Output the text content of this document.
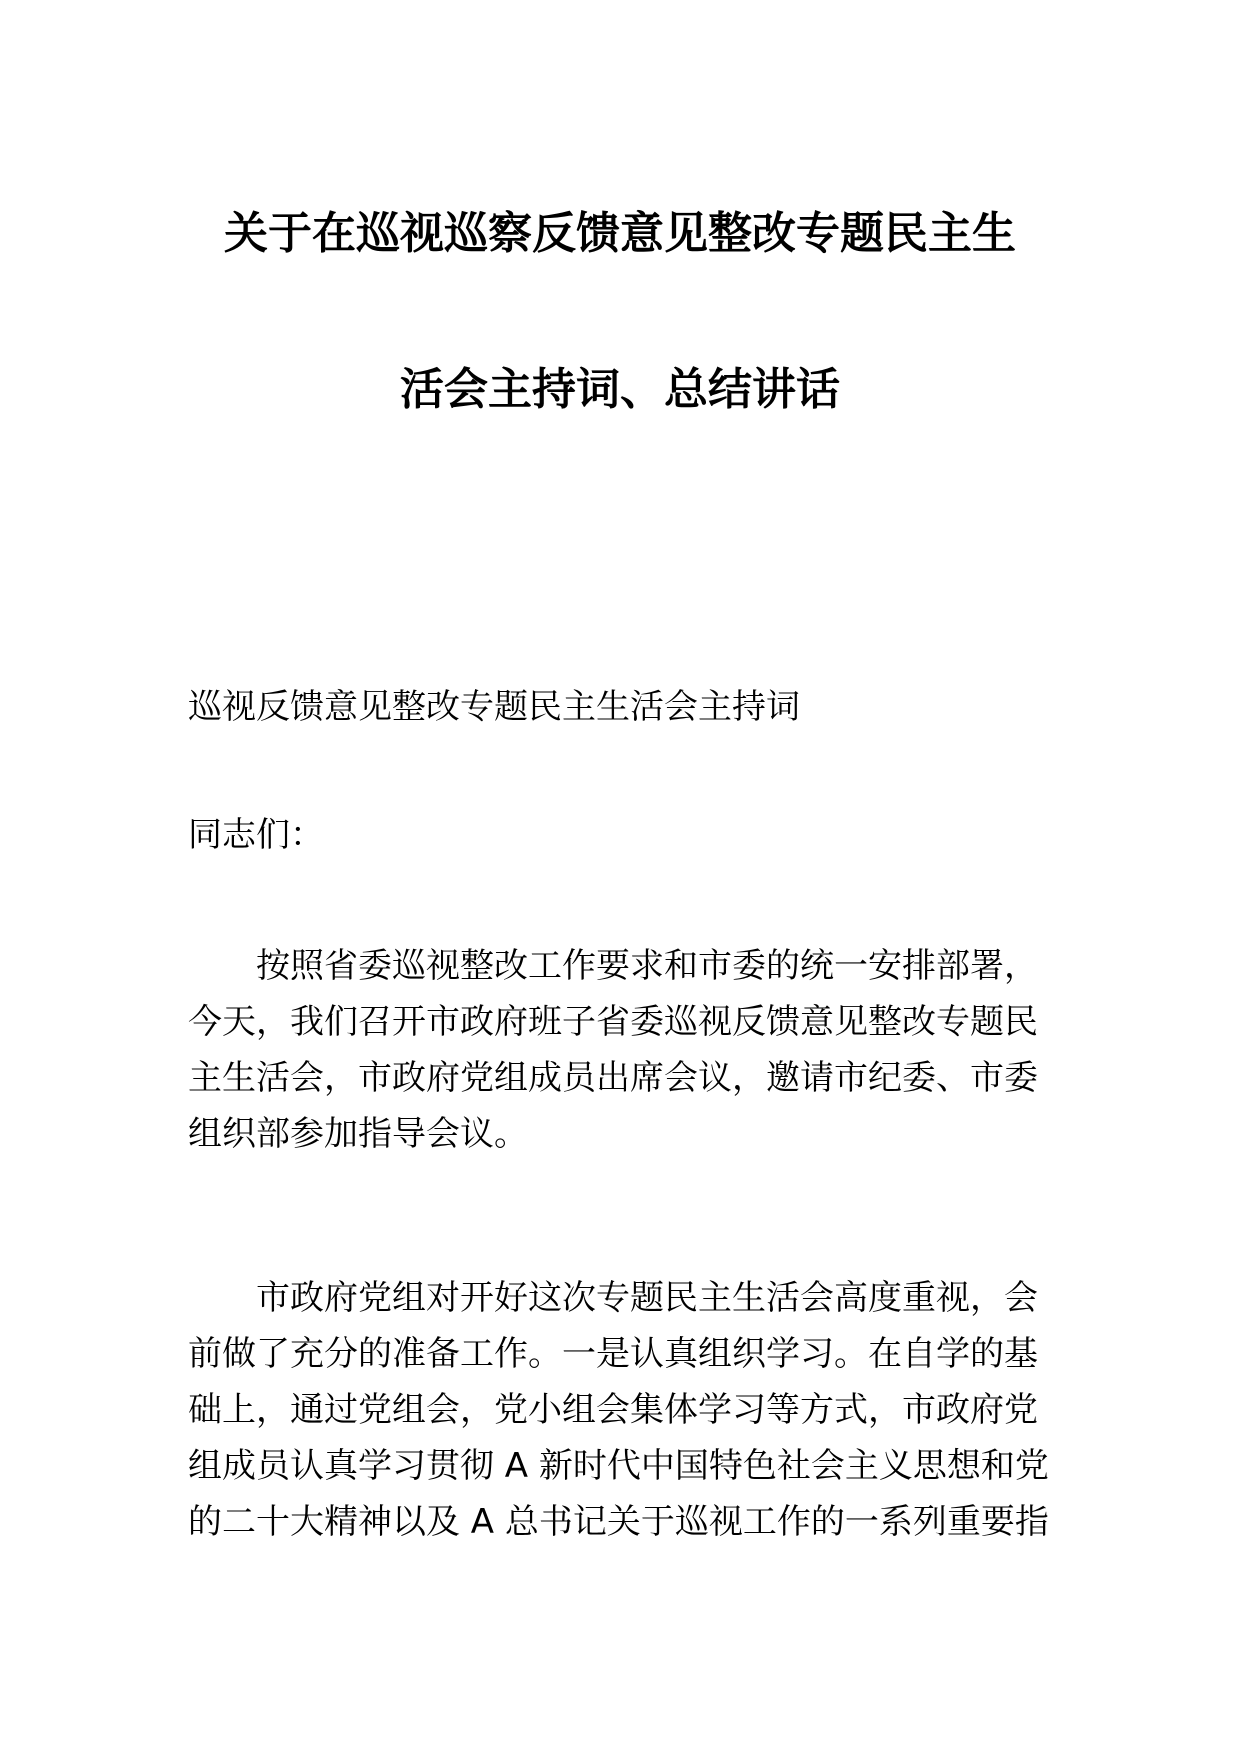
关于在巡视巡察反馈意见整改专题民主生
活会主持词、总结讲话
巡视反馈意见整改专题民主生活会主持词
同志们：
按照省委巡视整改工作要求和市委的统一安排部署，
今天，我们召开市政府班子省委巡视反馈意见整改专题民
主生活会，市政府党组成员出席会议，邀请市纪委、市委
组织部参加指导会议。
市政府党组对开好这次专题民主生活会高度重视，会
前做了充分的准备工作。一是认真组织学习。在自学的基
础上，通过党组会，党小组会集体学习等方式，市政府党
组成员认真学习贯彻 A 新时代中国特色社会主义思想和党
的二十大精神以及 A 总书记关于巡视工作的一系列重要指
